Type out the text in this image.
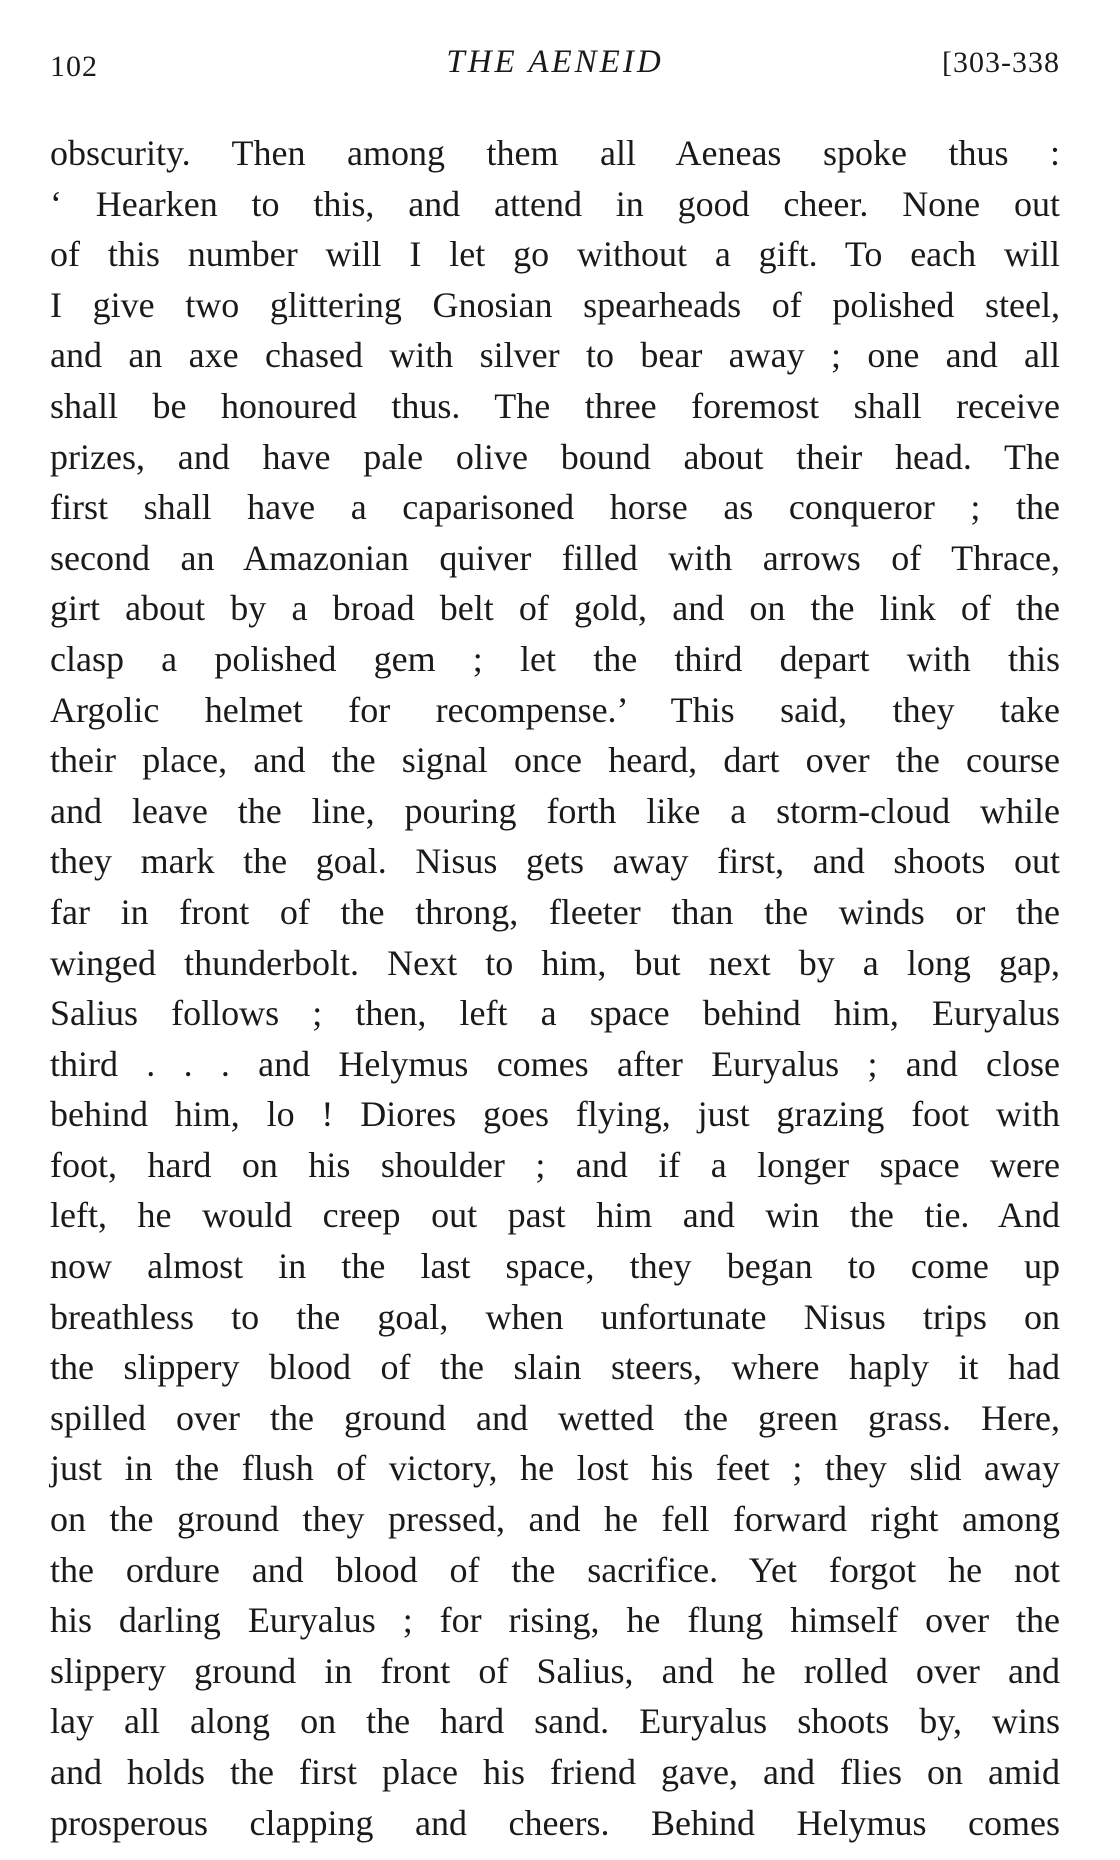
102	THE AENEID	[303-338
obscurity. Then among them all Aeneas spoke thus :
‘ Hearken to this, and attend in good cheer. None out
of this number will I let go without a gift. To each will
I give two glittering Gnosian spearheads of polished steel,
and an axe chased with silver to bear away ; one and all
shall be honoured thus. The three foremost shall receive
prizes, and have pale olive bound about their head. The
first shall have a caparisoned horse as conqueror ; the
second an Amazonian quiver filled with arrows of Thrace,
girt about by a broad belt of gold, and on the link of the
clasp a polished gem ; let the third depart with this
Argolic helmet for recompense.’ This said, they take
their place, and the signal once heard, dart over the course
and leave the line, pouring forth like a storm-cloud while
they mark the goal. Nisus gets away first, and shoots out
far in front of the throng, fleeter than the winds or the
winged thunderbolt. Next to him, but next by a long gap,
Salius follows ; then, left a space behind him, Euryalus
third . . . and Helymus comes after Euryalus ; and close
behind him, lo ! Diores goes flying, just grazing foot with
foot, hard on his shoulder ; and if a longer space were
left, he would creep out past him and win the tie. And
now almost in the last space, they began to come up
breathless to the goal, when unfortunate Nisus trips on
the slippery blood of the slain steers, where haply it had
spilled over the ground and wetted the green grass. Here,
just in the flush of victory, he lost his feet ; they slid away
on the ground they pressed, and he fell forward right among
the ordure and blood of the sacrifice. Yet forgot he not
his darling Euryalus ; for rising, he flung himself over the
slippery ground in front of Salius, and he rolled over and
lay all along on the hard sand. Euryalus shoots by, wins
and holds the first place his friend gave, and flies on amid
prosperous clapping and cheers. Behind Helymus comes
